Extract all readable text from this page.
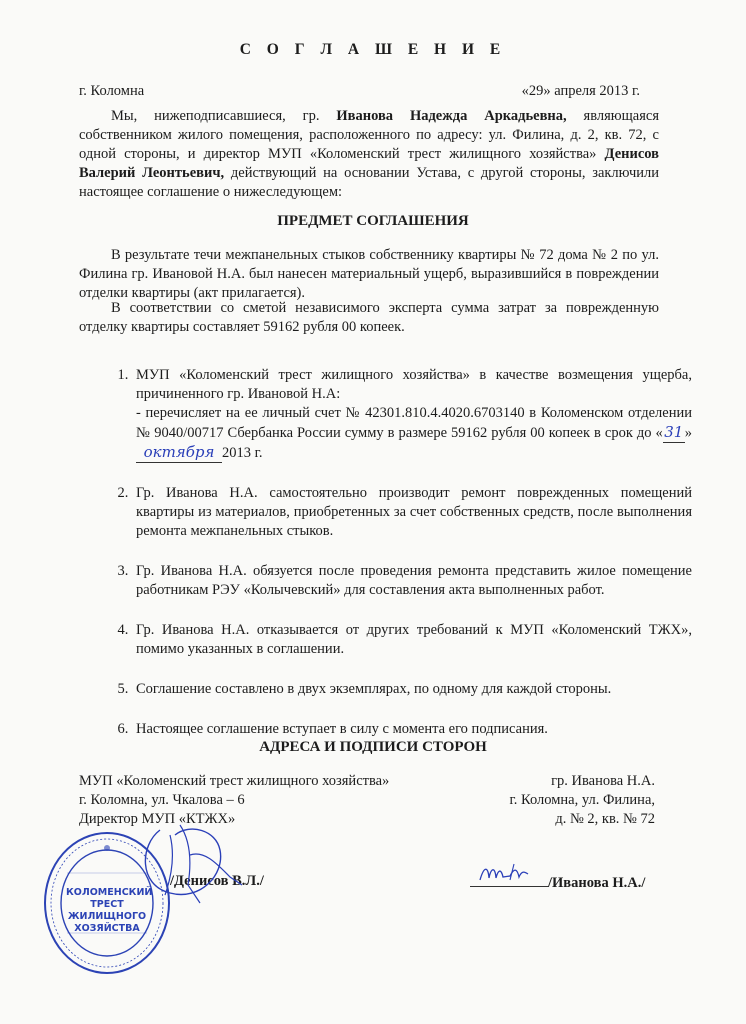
С О Г Л А Ш Е Н И Е
г. Коломна	«29» апреля 2013 г.
Мы, нижеподписавшиеся, гр. Иванова Надежда Аркадьевна, являющаяся собственником жилого помещения, расположенного по адресу: ул. Филина, д. 2, кв. 72, с одной стороны, и директор МУП «Коломенский трест жилищного хозяйства» Денисов Валерий Леонтьевич, действующий на основании Устава, с другой стороны, заключили настоящее соглашение о нижеследующем:
ПРЕДМЕТ СОГЛАШЕНИЯ
В результате течи межпанельных стыков собственнику квартиры № 72 дома № 2 по ул. Филина гр. Ивановой Н.А. был нанесен материальный ущерб, выразившийся в повреждении отделки квартиры (акт прилагается).
В соответствии со сметой независимого эксперта сумма затрат за поврежденную отделку квартиры составляет 59162 рубля 00 копеек.
1. МУП «Коломенский трест жилищного хозяйства» в качестве возмещения ущерба, причиненного гр. Ивановой Н.А:
- перечисляет на ее личный счет № 42301.810.4.4020.6703140 в Коломенском отделении № 9040/00717 Сбербанка России сумму в размере 59162 рубля 00 копеек в срок до «31»октября 2013 г.
2. Гр. Иванова Н.А. самостоятельно производит ремонт поврежденных помещений квартиры из материалов, приобретенных за счет собственных средств, после выполнения ремонта межпанельных стыков.
3. Гр. Иванова Н.А. обязуется после проведения ремонта представить жилое помещение работникам РЭУ «Колычевский» для составления акта выполненных работ.
4. Гр. Иванова Н.А. отказывается от других требований к МУП «Коломенский ТЖХ», помимо указанных в соглашении.
5. Соглашение составлено в двух экземплярах, по одному для каждой стороны.
6. Настоящее соглашение вступает в силу с момента его подписания.
АДРЕСА И ПОДПИСИ СТОРОН
МУП «Коломенский трест жилищного хозяйства»
г. Коломна, ул. Чкалова – 6
Директор МУП «КТЖХ»
гр. Иванова Н.А.
г. Коломна, ул. Филина,
д. № 2, кв. № 72
/Денисов В.Л./	/Иванова Н.А./
КОЛОМЕНСКИЙ ТРЕСТ ЖИЛИЩНОГО ХОЗЯЙСТВА
